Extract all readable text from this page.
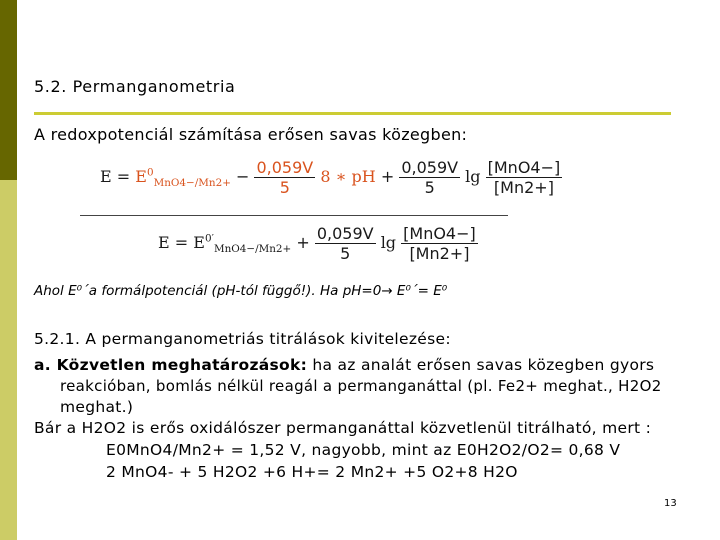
5.2. Permanganometria
A redoxpotenciál számítása erősen savas közegben:
$E = E^0_{MnO4-/Mn2+} - \frac{0,059V}{5} 8$ ∗ pH + $\frac{0,059V}{5}$ $\lg \frac{\text{[MnO4−]}}{[Mn2+]}$
$E = E^{0'}_{MnO4-/Mn2+} + \frac{0,059V}{5}$ $\lg \frac{\text{[MnO4−]}}{[Mn2+]}$
Ahol E⁰´a formálpotenciál (pH-tól függő!). Ha pH=0→ E⁰´= E⁰
5.2.1. A permanganometriás titrálások kivitelezése:
a. Közvetlen meghatározások: ha az analát erősen savas közegben gyors
reakcióban, bomlás nélkül reagál a permanganáttal (pl. Fe2+ meghat., H2O2
meghat.)
Bár a H2O2 is erős oxidálószer permanganáttal közvetlenül titrálható, mert :
E0MnO4/Mn2+ = 1,52 V, nagyobb, mint az E0H2O2/O2= 0,68 V
2 MnO4- + 5 H2O2 +6 H+= 2 Mn2+ +5 O2+8 H2O
13
